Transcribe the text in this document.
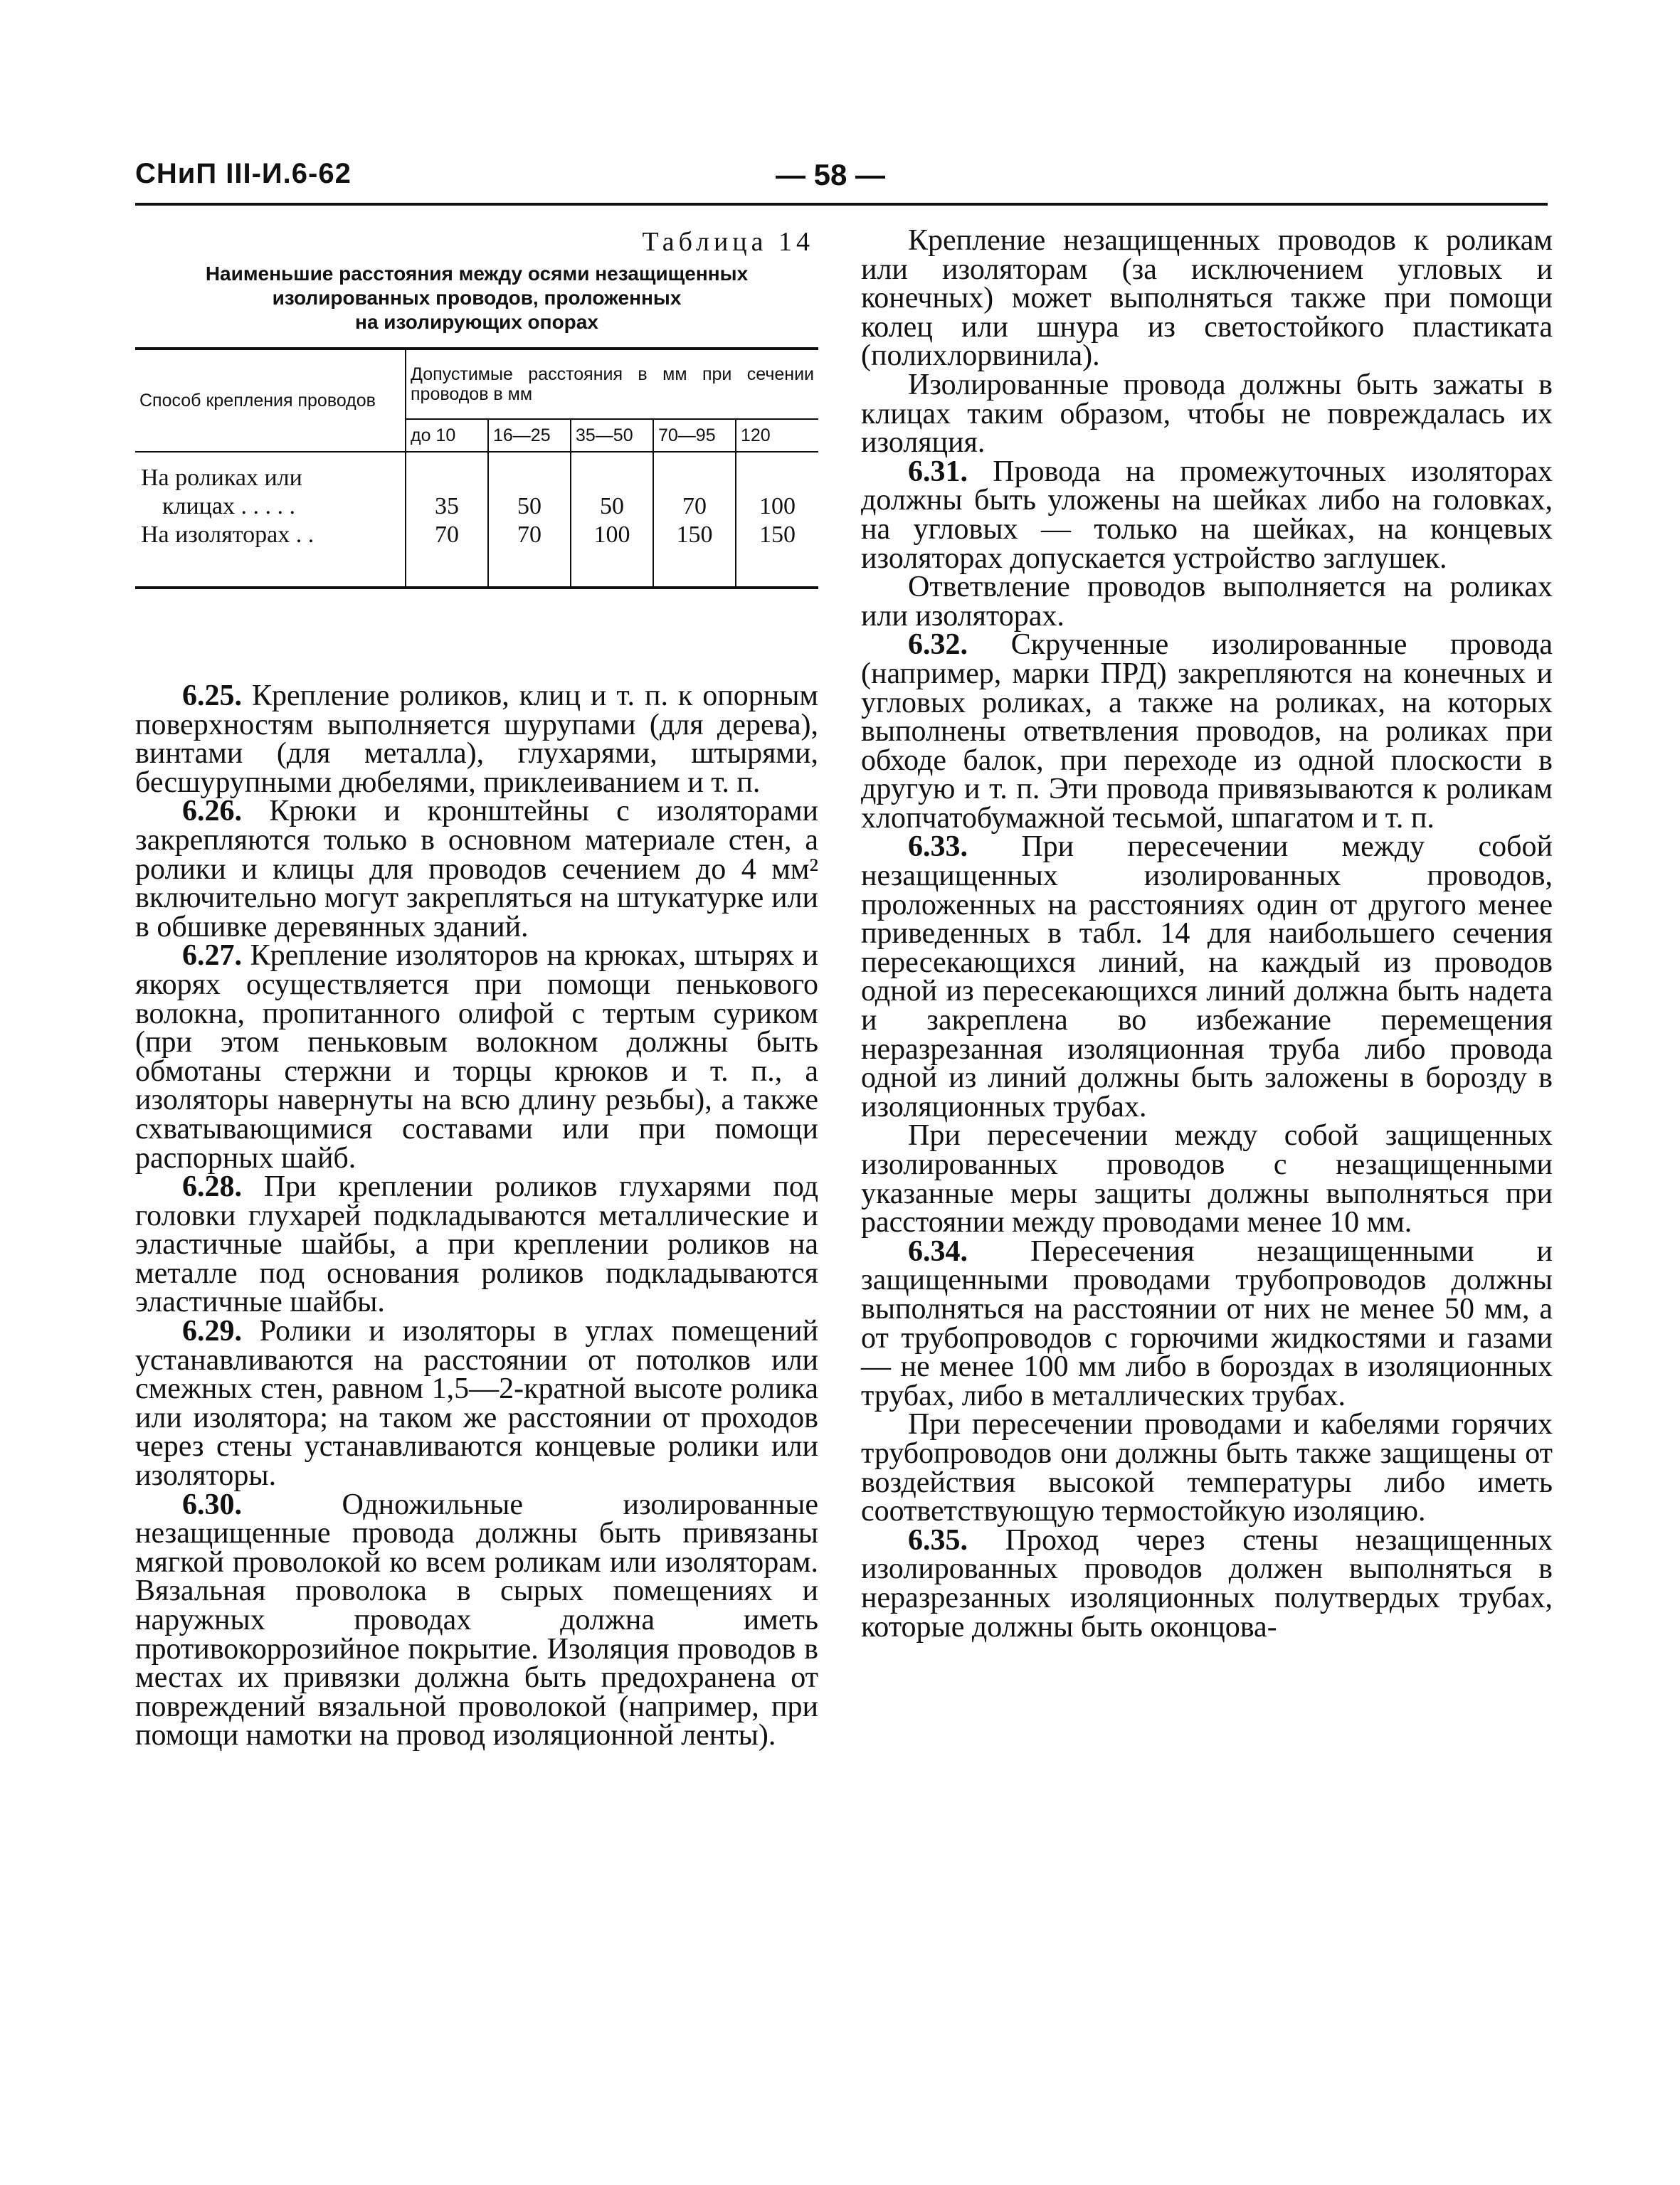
СНиП III-И.6-62	— 58 —
Таблица 14
Наименьшие расстояния между осями незащищенных
изолированных проводов, проложенных
на изолирующих опорах
Способ крепления проводов	Допустимые расстояния в мм при сечении проводов в мм				
	до 10	16—25	35—50	70—95	120

На роликах или
клицах . . . . .	35	50	50	70	100
На изоляторах . .	70	70	100	150	150

6.25. Крепление роликов, клиц и т. п. к опорным поверхностям выполняется шурупами (для дерева), винтами (для металла), глухарями, штырями, бесшурупными дюбелями, приклеиванием и т. п.

6.26. Крюки и кронштейны с изоляторами закрепляются только в основном материале стен, а ролики и клицы для проводов сечением до 4 мм² включительно могут закрепляться на штукатурке или в обшивке деревянных зданий.

6.27. Крепление изоляторов на крюках, штырях и якорях осуществляется при помощи пенькового волокна, пропитанного олифой с тертым суриком (при этом пеньковым волокном должны быть обмотаны стержни и торцы крюков и т. п., а изоляторы навернуты на всю длину резьбы), а также схватывающимися составами или при помощи распорных шайб.

6.28. При креплении роликов глухарями под головки глухарей подкладываются металлические и эластичные шайбы, а при креплении роликов на металле под основания роликов подкладываются эластичные шайбы.

6.29. Ролики и изоляторы в углах помещений устанавливаются на расстоянии от потолков или смежных стен, равном 1,5—2-кратной высоте ролика или изолятора; на таком же расстоянии от проходов через стены устанавливаются концевые ролики или изоляторы.

6.30. Одножильные изолированные незащищенные провода должны быть привязаны мягкой проволокой ко всем роликам или изоляторам. Вязальная проволока в сырых помещениях и наружных проводах должна иметь противокоррозийное покрытие. Изоляция проводов в местах их привязки должна быть предохранена от повреждений вязальной проволокой (например, при помощи намотки на провод изоляционной ленты).

Крепление незащищенных проводов к роликам или изоляторам (за исключением угловых и конечных) может выполняться также при помощи колец или шнура из светостойкого пластиката (полихлорвинила).

Изолированные провода должны быть зажаты в клицах таким образом, чтобы не повреждалась их изоляция.

6.31. Провода на промежуточных изоляторах должны быть уложены на шейках либо на головках, на угловых — только на шейках, на концевых изоляторах допускается устройство заглушек.

Ответвление проводов выполняется на роликах или изоляторах.

6.32. Скрученные изолированные провода (например, марки ПРД) закрепляются на конечных и угловых роликах, а также на роликах, на которых выполнены ответвления проводов, на роликах при обходе балок, при переходе из одной плоскости в другую и т. п. Эти провода привязываются к роликам хлопчатобумажной тесьмой, шпагатом и т. п.

6.33. При пересечении между собой незащищенных изолированных проводов, проложенных на расстояниях один от другого менее приведенных в табл. 14 для наибольшего сечения пересекающихся линий, на каждый из проводов одной из пересекающихся линий должна быть надета и закреплена во избежание перемещения неразрезанная изоляционная труба либо провода одной из линий должны быть заложены в борозду в изоляционных трубах.

При пересечении между собой защищенных изолированных проводов с незащищенными указанные меры защиты должны выполняться при расстоянии между проводами менее 10 мм.

6.34. Пересечения незащищенными и защищенными проводами трубопроводов должны выполняться на расстоянии от них не менее 50 мм, а от трубопроводов с горючими жидкостями и газами — не менее 100 мм либо в бороздах в изоляционных трубах, либо в металлических трубах.

При пересечении проводами и кабелями горячих трубопроводов они должны быть также защищены от воздействия высокой температуры либо иметь соответствующую термостойкую изоляцию.

6.35. Проход через стены незащищенных изолированных проводов должен выполняться в неразрезанных изоляционных полутвердых трубах, которые должны быть оконцова-
